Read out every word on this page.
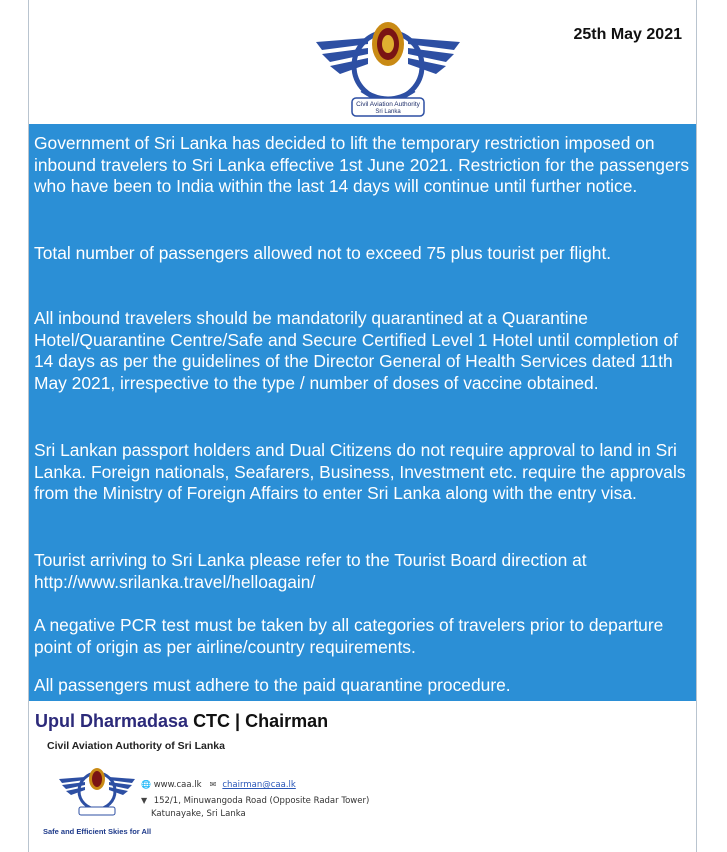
Civil Aviation Authority
Sri Lanka
25th May 2021

Government of Sri Lanka has decided to lift the temporary restriction imposed on inbound travelers to Sri Lanka effective 1st June 2021. Restriction for the passengers who have been to India within the last 14 days will continue until further notice.

Total number of passengers allowed not to exceed 75 plus tourist per flight.

All inbound travelers should be mandatorily quarantined at a Quarantine Hotel/Quarantine Centre/Safe and Secure Certified Level 1 Hotel until completion of 14 days as per the guidelines of the Director General of Health Services dated 11th May 2021, irrespective to the type / number of doses of vaccine obtained.

Sri Lankan passport holders and Dual Citizens do not require approval to land in Sri Lanka. Foreign nationals, Seafarers, Business, Investment etc. require the approvals from the Ministry of Foreign Affairs to enter Sri Lanka along with the entry visa.

Tourist arriving to Sri Lanka please refer to the Tourist Board direction at http://www.srilanka.travel/helloagain/

A negative PCR test must be taken by all categories of travelers prior to departure point of origin as per airline/country requirements.

All passengers must adhere to the paid quarantine procedure.

Upul Dharmadasa CTC | Chairman
Civil Aviation Authority of Sri Lanka
🌐 www.caa.lk ✉ chairman@caa.lk
▼ 152/1, Minuwangoda Road (Opposite Radar Tower)
Katunayake, Sri Lanka
Safe and Efficient Skies for All
